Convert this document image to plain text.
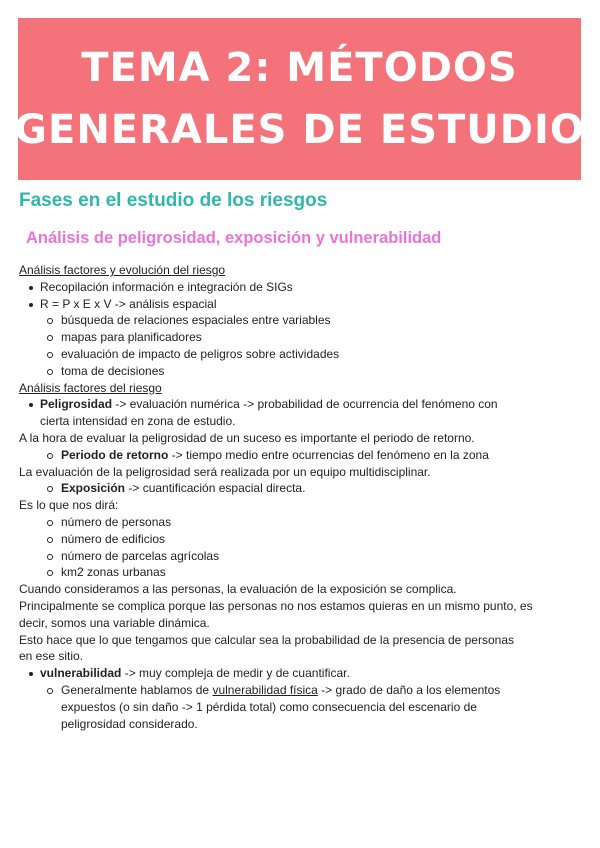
TEMA 2: MÉTODOS
GENERALES DE ESTUDIO
Fases en el estudio de los riesgos
Análisis de peligrosidad, exposición y vulnerabilidad
Análisis factores y evolución del riesgo
Recopilación información e integración de SIGs
R = P x E x V -> análisis espacial
búsqueda de relaciones espaciales entre variables
mapas para planificadores
evaluación de impacto de peligros sobre actividades
toma de decisiones
Análisis factores del riesgo
Peligrosidad -> evaluación numérica -> probabilidad de ocurrencia del fenómeno con
cierta intensidad en zona de estudio.
A la hora de evaluar la peligrosidad de un suceso es importante el periodo de retorno.
Periodo de retorno -> tiempo medio entre ocurrencias del fenómeno en la zona
La evaluación de la peligrosidad será realizada por un equipo multidisciplinar.
Exposición -> cuantificación espacial directa.
Es lo que nos dirá:
número de personas
número de edificios
número de parcelas agrícolas
km2 zonas urbanas
Cuando consideramos a las personas, la evaluación de la exposición se complica.
Principalmente se complica porque las personas no nos estamos quieras en un mismo punto, es
decir, somos una variable dinámica.
Esto hace que lo que tengamos que calcular sea la probabilidad de la presencia de personas
en ese sitio.
vulnerabilidad -> muy compleja de medir y de cuantificar.
Generalmente hablamos de vulnerabilidad física -> grado de daño a los elementos
expuestos (o sin daño -> 1 pérdida total) como consecuencia del escenario de
peligrosidad considerado.
